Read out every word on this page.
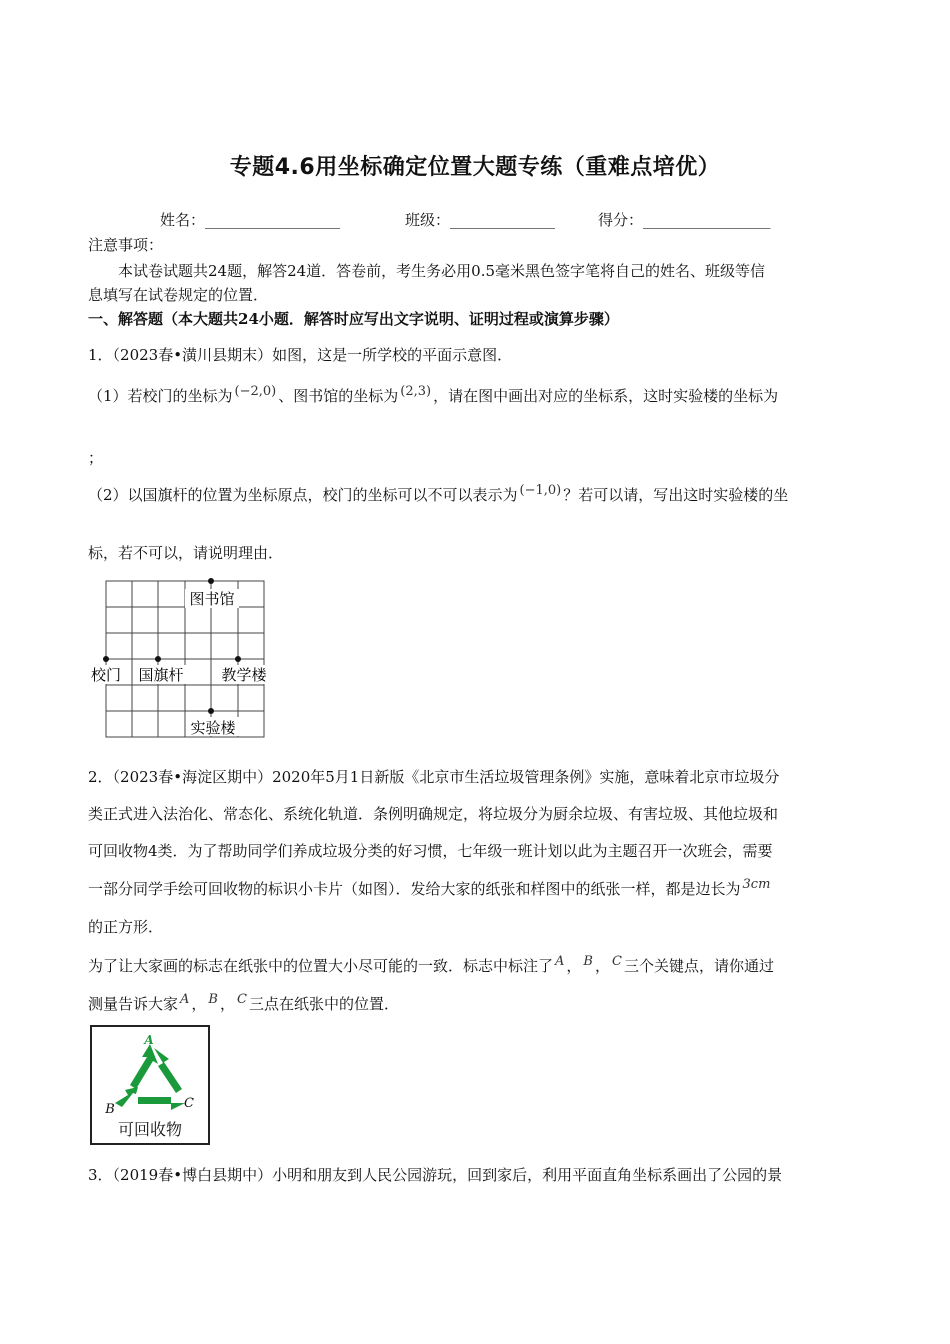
专题4.6用坐标确定位置大题专练（重难点培优）
姓名：__________________	班级：______________	得分：_________________
注意事项：
本试卷试题共24题，解答24道．答卷前，考生务必用0.5毫米黑色签字笔将自己的姓名、班级等信
息填写在试卷规定的位置．
一、解答题（本大题共24小题．解答时应写出文字说明、证明过程或演算步骤）
1．（2023春•潢川县期末）如图，这是一所学校的平面示意图．
（1）若校门的坐标为 (−2,0) 、图书馆的坐标为 (2,3) ，请在图中画出对应的坐标系，这时实验楼的坐标为
；
（2）以国旗杆的位置为坐标原点，校门的坐标可以不可以表示为 (−1,0) ？若可以请，写出这时实验楼的坐
标，若不可以，请说明理由．
图书馆
校门 国旗杆	教学楼
实验楼
2．（2023春•海淀区期中）2020年5月1日新版《北京市生活垃圾管理条例》实施，意味着北京市垃圾分
类正式进入法治化、常态化、系统化轨道．条例明确规定，将垃圾分为厨余垃圾、有害垃圾、其他垃圾和
可回收物4类．为了帮助同学们养成垃圾分类的好习惯，七年级一班计划以此为主题召开一次班会，需要
一部分同学手绘可回收物的标识小卡片（如图）．发给大家的纸张和样图中的纸张一样，都是边长为 3cm
的正方形．
为了让大家画的标志在纸张中的位置大小尽可能的一致．标志中标注了 A ， B ， C 三个关键点，请你通过
测量告诉大家 A ， B ， C 三点在纸张中的位置．
A
B	C
可回收物
3．（2019春•博白县期中）小明和朋友到人民公园游玩，回到家后，利用平面直角坐标系画出了公园的景
